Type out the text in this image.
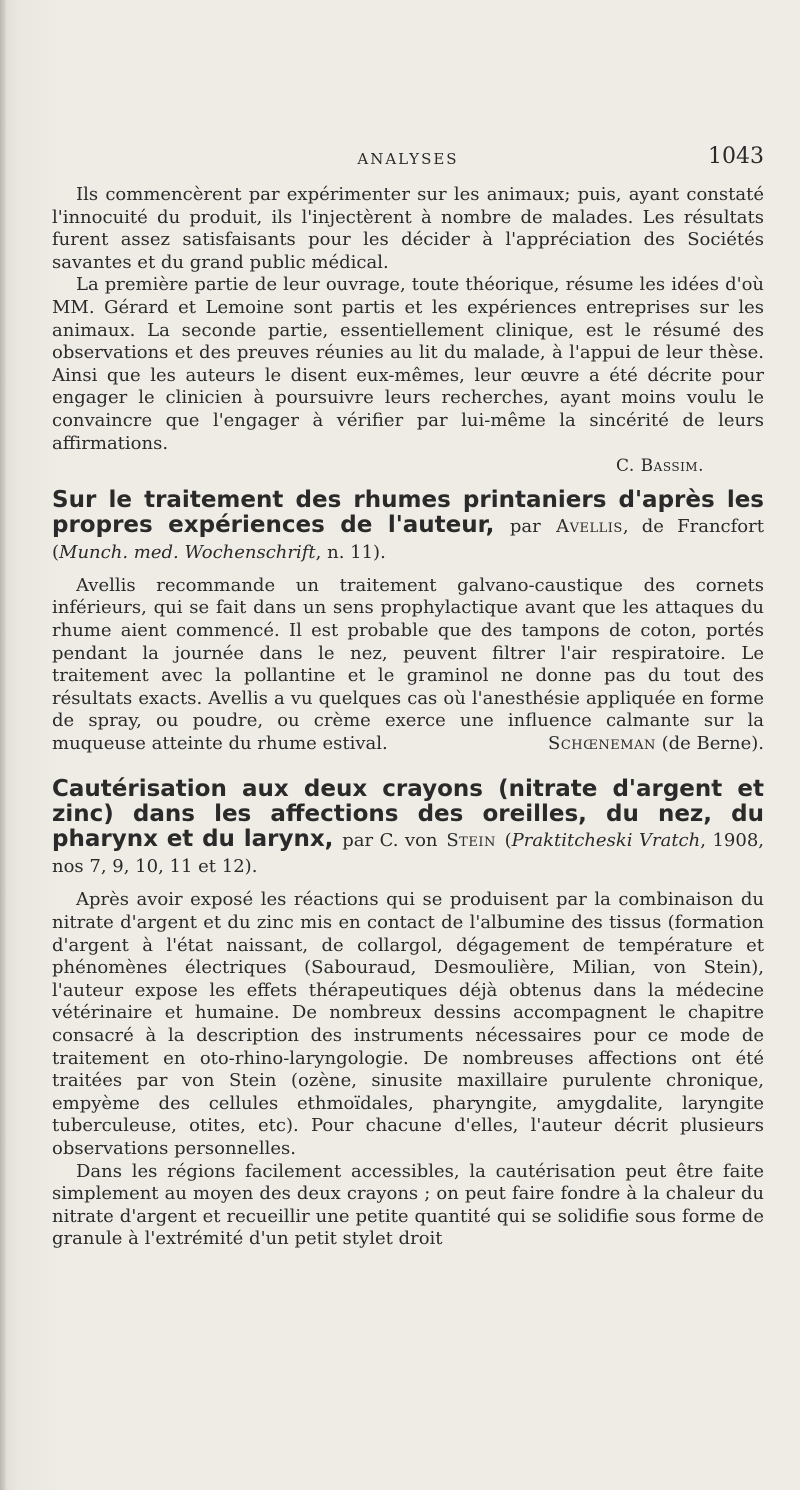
ANALYSES	1043

Ils commencèrent par expérimenter sur les animaux; puis, ayant constaté l'innocuité du produit, ils l'injectèrent à nombre de malades. Les résultats furent assez satisfaisants pour les décider à l'appréciation des Sociétés savantes et du grand public médical.

La première partie de leur ouvrage, toute théorique, résume les idées d'où MM. Gérard et Lemoine sont partis et les expériences entreprises sur les animaux. La seconde partie, essentiellement clinique, est le résumé des observations et des preuves réunies au lit du malade, à l'appui de leur thèse. Ainsi que les auteurs le disent eux-mêmes, leur œuvre a été décrite pour engager le clinicien à poursuivre leurs recherches, ayant moins voulu le convaincre que l'engager à vérifier par lui-même la sincérité de leurs affirmations.

C. Bassim.
Sur le traitement des rhumes printaniers d'après les propres expériences de l'auteur, par Avellis, de Francfort (Munch. med. Wochenschrift, n. 11).

Avellis recommande un traitement galvano-caustique des cornets inférieurs, qui se fait dans un sens prophylactique avant que les attaques du rhume aient commencé. Il est probable que des tampons de coton, portés pendant la journée dans le nez, peuvent filtrer l'air respiratoire. Le traitement avec la pollantine et le graminol ne donne pas du tout des résultats exacts. Avellis a vu quelques cas où l'anesthésie appliquée en forme de spray, ou poudre, ou crème exerce une influence calmante sur la muqueuse atteinte du rhume estival.	Schœneman (de Berne).

Cautérisation aux deux crayons (nitrate d'argent et zinc) dans les affections des oreilles, du nez, du pharynx et du larynx, par C. von Stein (Praktitcheski Vratch, 1908, nos 7, 9, 10, 11 et 12).

Après avoir exposé les réactions qui se produisent par la combinaison du nitrate d'argent et du zinc mis en contact de l'albumine des tissus (formation d'argent à l'état naissant, de collargol, dégagement de température et phénomènes électriques (Sabouraud, Desmoulière, Milian, von Stein), l'auteur expose les effets thérapeutiques déjà obtenus dans la médecine vétérinaire et humaine. De nombreux dessins accompagnent le chapitre consacré à la description des instruments nécessaires pour ce mode de traitement en oto-rhino-laryngologie. De nombreuses affections ont été traitées par von Stein (ozène, sinusite maxillaire purulente chronique, empyème des cellules ethmoïdales, pharyngite, amygdalite, laryngite tuberculeuse, otites, etc). Pour chacune d'elles, l'auteur décrit plusieurs observations personnelles.

Dans les régions facilement accessibles, la cautérisation peut être faite simplement au moyen des deux crayons ; on peut faire fondre à la chaleur du nitrate d'argent et recueillir une petite quantité qui se solidifie sous forme de granule à l'extrémité d'un petit stylet droit
